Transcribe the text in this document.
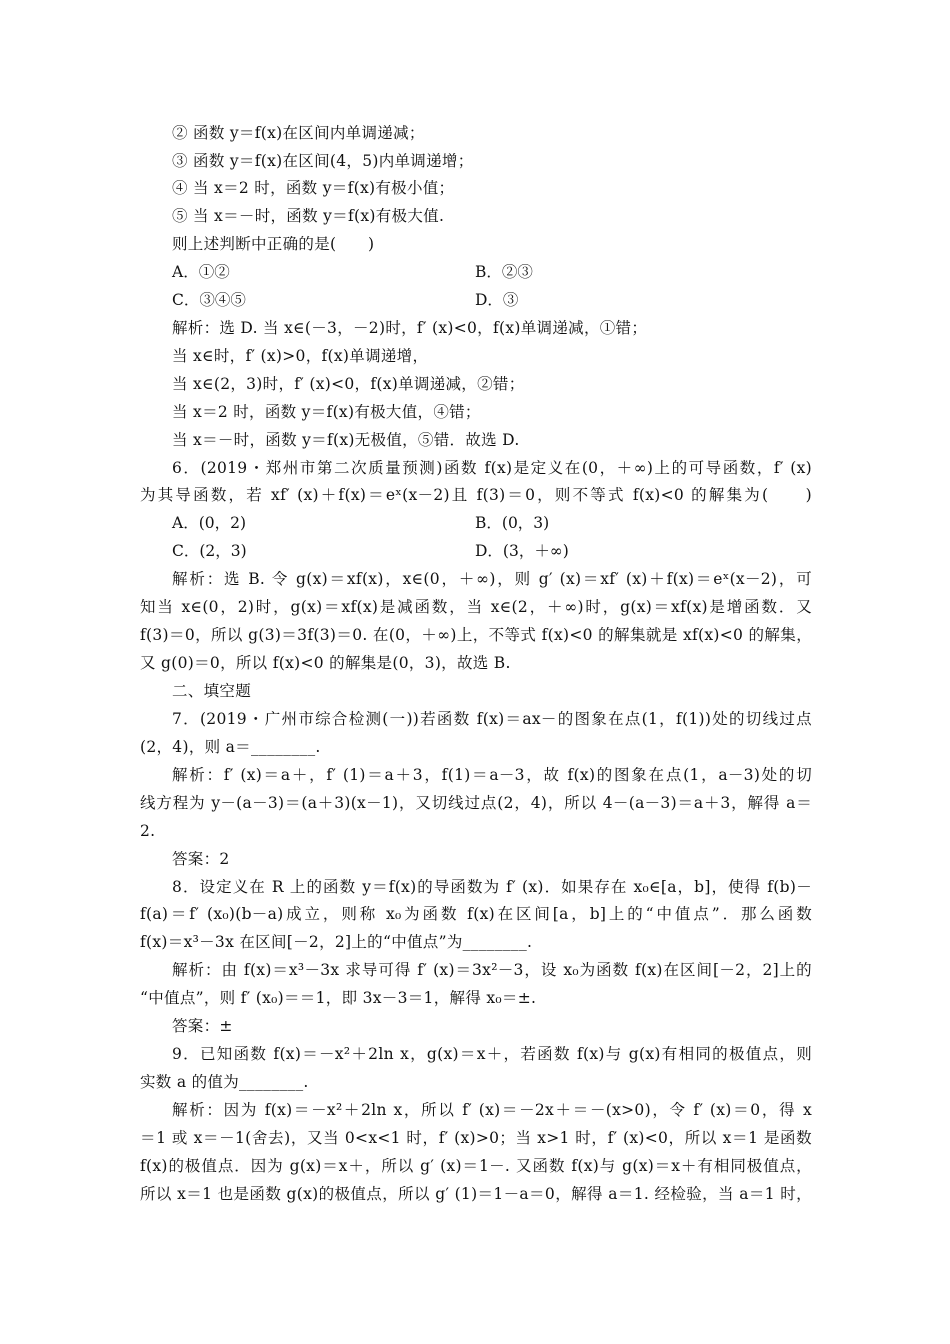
② 函数 y＝f(x)在区间内单调递减；
③ 函数 y＝f(x)在区间(4，5)内单调递增；
④ 当 x＝2 时，函数 y＝f(x)有极小值；
⑤ 当 x＝－时，函数 y＝f(x)有极大值.
则上述判断中正确的是(　　)
A．①②	B．②③
C．③④⑤	D．③
解析：选 D. 当 x∈(－3，－2)时，f′ (x)<0，f(x)单调递减，①错；
当 x∈时，f′ (x)>0，f(x)单调递增，
当 x∈(2，3)时，f′ (x)<0，f(x)单调递减，②错；
当 x＝2 时，函数 y＝f(x)有极大值，④错；
当 x＝－时，函数 y＝f(x)无极值，⑤错．故选 D.
6．(2019・郑州市第二次质量预测)函数 f(x)是定义在(0，＋∞)上的可导函数，f′ (x)
为其导函数，若 xf′ (x)＋f(x)＝eˣ(x－2)且 f(3)＝0，则不等式 f(x)<0 的解集为(　　)
A．(0，2)	B．(0，3)
C．(2，3)	D．(3，＋∞)
解析：选 B. 令 g(x)＝xf(x)，x∈(0，＋∞)，则 g′ (x)＝xf′ (x)＋f(x)＝eˣ(x－2)，可
知当 x∈(0，2)时，g(x)＝xf(x)是减函数，当 x∈(2，＋∞)时，g(x)＝xf(x)是增函数．又
f(3)＝0，所以 g(3)＝3f(3)＝0. 在(0，＋∞)上，不等式 f(x)<0 的解集就是 xf(x)<0 的解集，
又 g(0)＝0，所以 f(x)<0 的解集是(0，3)，故选 B.
二、填空题
7．(2019・广州市综合检测(一))若函数 f(x)＝ax－的图象在点(1，f(1))处的切线过点
(2，4)，则 a＝________.
解析：f′ (x)＝a＋，f′ (1)＝a＋3，f(1)＝a－3，故 f(x)的图象在点(1，a－3)处的切
线方程为 y－(a－3)＝(a＋3)(x－1)，又切线过点(2，4)，所以 4－(a－3)＝a＋3，解得 a＝
2.
答案：2
8．设定义在 R 上的函数 y＝f(x)的导函数为 f′ (x)．如果存在 x₀∈[a，b]，使得 f(b)－
f(a)＝f′ (x₀)(b－a)成立，则称 x₀为函数 f(x)在区间[a，b]上的“中值点”．那么函数
f(x)＝x³－3x 在区间[－2，2]上的“中值点”为________.
解析：由 f(x)＝x³－3x 求导可得 f′ (x)＝3x²－3，设 x₀为函数 f(x)在区间[－2，2]上的
“中值点”，则 f′ (x₀)＝＝1，即 3x－3＝1，解得 x₀＝±.
答案：±
9．已知函数 f(x)＝－x²＋2ln x，g(x)＝x＋，若函数 f(x)与 g(x)有相同的极值点，则
实数 a 的值为________.
解析：因为 f(x)＝－x²＋2ln x，所以 f′ (x)＝－2x＋＝－(x>0)，令 f′ (x)＝0，得 x
＝1 或 x＝－1(舍去)，又当 0<x<1 时，f′ (x)>0；当 x>1 时，f′ (x)<0，所以 x＝1 是函数
f(x)的极值点．因为 g(x)＝x＋，所以 g′ (x)＝1－. 又函数 f(x)与 g(x)＝x＋有相同极值点，
所以 x＝1 也是函数 g(x)的极值点，所以 g′ (1)＝1－a＝0，解得 a＝1. 经检验，当 a＝1 时，
